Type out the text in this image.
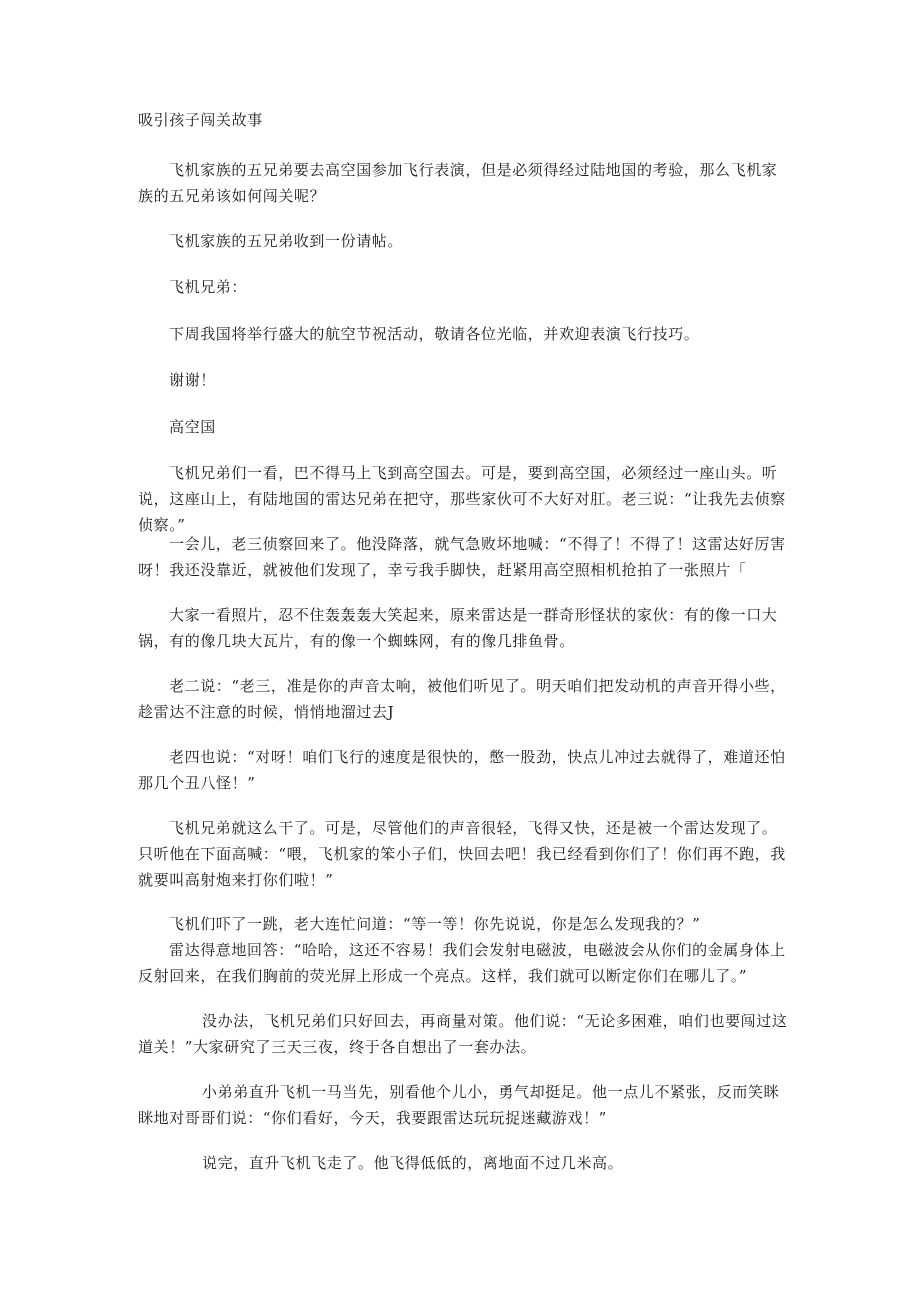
吸引孩子闯关故事

飞机家族的五兄弟要去高空国参加飞行表演，但是必须得经过陆地国的考验，那么飞机家族的五兄弟该如何闯关呢？

飞机家族的五兄弟收到一份请帖。

飞机兄弟：

下周我国将举行盛大的航空节祝活动，敬请各位光临，并欢迎表演飞行技巧。

谢谢！

高空国

飞机兄弟们一看，巴不得马上飞到高空国去。可是，要到高空国，必须经过一座山头。听说，这座山上，有陆地国的雷达兄弟在把守，那些家伙可不大好对肛。老三说：“让我先去侦察侦察。”

一会儿，老三侦察回来了。他没降落，就气急败坏地喊：“不得了！不得了！这雷达好厉害呀！我还没靠近，就被他们发现了，幸亏我手脚快，赶紧用高空照相机抢拍了一张照片「

大家一看照片，忍不住轰轰轰大笑起来，原来雷达是一群奇形怪状的家伙：有的像一口大锅，有的像几块大瓦片，有的像一个蜘蛛网，有的像几排鱼骨。

老二说：“老三，准是你的声音太响，被他们听见了。明天咱们把发动机的声音开得小些，趁雷达不注意的时候，悄悄地溜过去J

老四也说：“对呀！咱们飞行的速度是很快的，憋一股劲，快点儿冲过去就得了，难道还怕那几个丑八怪！”

飞机兄弟就这么干了。可是，尽管他们的声音很轻，飞得又快，还是被一个雷达发现了。只听他在下面高喊：“喂，飞机家的笨小子们，快回去吧！我已经看到你们了！你们再不跑，我就要叫高射炮来打你们啦！”

飞机们吓了一跳，老大连忙问道：“等一等！你先说说，你是怎么发现我的？”

雷达得意地回答：“哈哈，这还不容易！我们会发射电磁波，电磁波会从你们的金属身体上反射回来，在我们胸前的荧光屏上形成一个亮点。这样，我们就可以断定你们在哪儿了。”

没办法，飞机兄弟们只好回去，再商量对策。他们说：“无论多困难，咱们也要闯过这道关！”大家研究了三天三夜，终于各自想出了一套办法。

小弟弟直升飞机一马当先，别看他个儿小，勇气却挺足。他一点儿不紧张，反而笑眯眯地对哥哥们说：“你们看好，今天，我要跟雷达玩玩捉迷藏游戏！”

说完，直升飞机飞走了。他飞得低低的，离地面不过几米高。
